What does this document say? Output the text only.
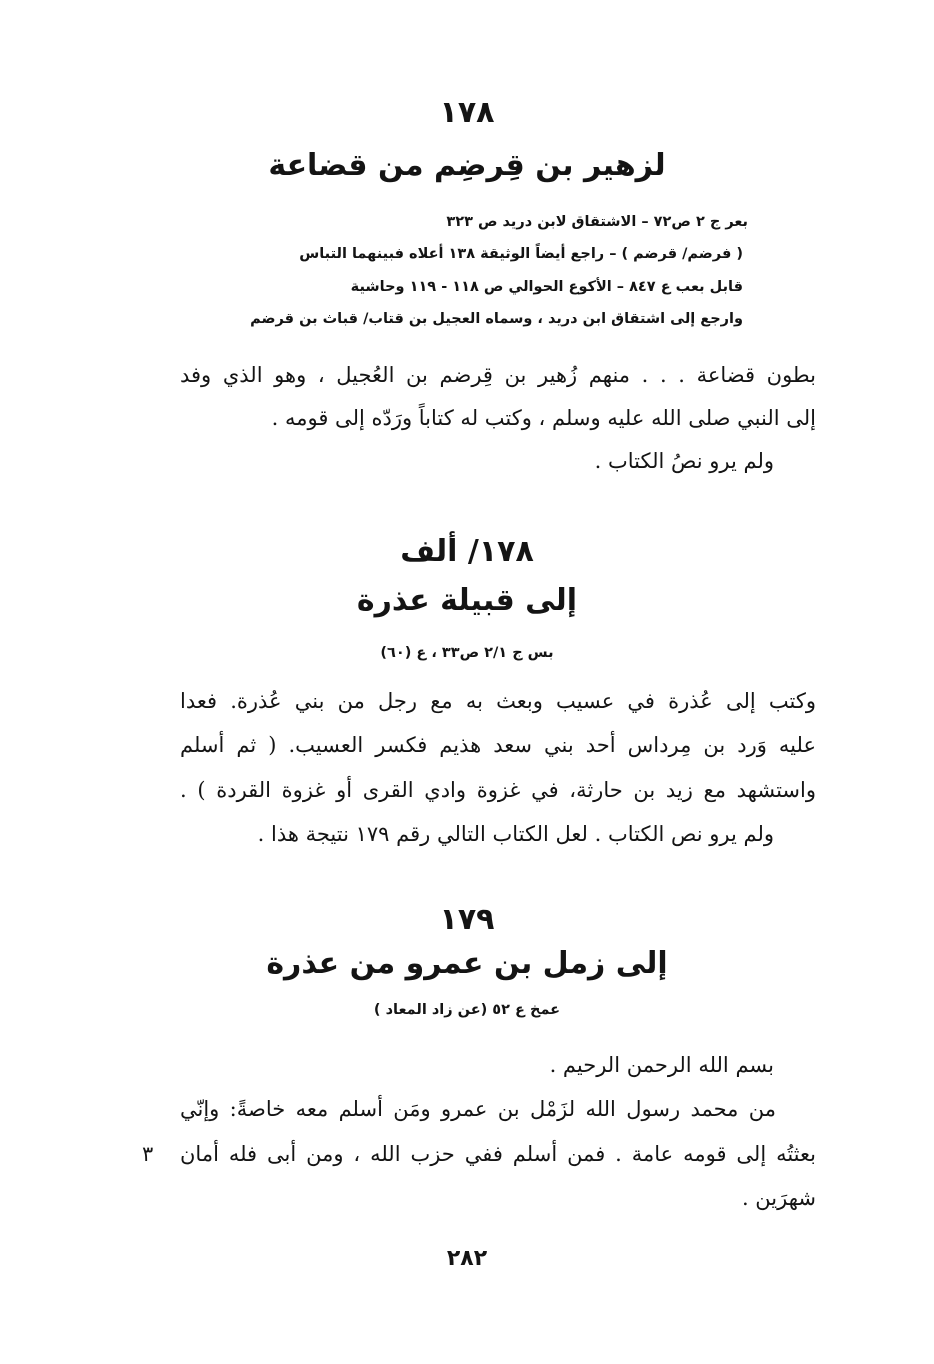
١٧٨
لزهير بن قِرضِم من قضاعة
بعر ج ٢ ص٧٢ – الاشتقاق لابن دريد ص ٣٢٣
( فرضم/ قرضم ) – راجع أيضاً الوثيقة ١٣٨ أعلاه فبينهما التباس
قابل بعب ع ٨٤٧ – الأكوع الحوالي ص ١١٨ - ١١٩ وحاشية
وارجع إلى اشتقاق ابن دريد ، وسماه العجيل بن قتاب/ قباث بن قرضم
بطون قضاعة . . . منهم زُهير بن قِرضم بن العُجيل ، وهو الذي وفد
إلى النبي صلى الله عليه وسلم ، وكتب له كتاباً ورَدّه إلى قومه .
ولم يرو نصُ الكتاب .
١٧٨/ ألف
إلى قبيلة عذرة
بس ج ٢/١ ص٣٣ ، ع (٦٠)
وكتب إلى عُذرة في عسيب وبعث به مع رجل من بني عُذرة. فعدا
عليه وَرد بن مِرداس أحد بني سعد هذيم فكسر العسيب. ( ثم أسلم
واستشهد مع زيد بن حارثة، في غزوة وادي القرى أو غزوة القردة ) .
ولم يرو نص الكتاب . لعل الكتاب التالي رقم ١٧٩ نتيجة هذا .
١٧٩
إلى زمل بن عمرو من عذرة
عمخ ع ٥٢ (عن زاد المعاد )
بسم الله الرحمن الرحيم .
من محمد رسول الله لزَمْل بن عمرو ومَن أسلم معه خاصةً: وإنّي
بعثتُه إلى قومه عامة . فمن أسلم ففي حزب الله ، ومن أبى فله أمان
شهرَين .
٣
٢٨٢
